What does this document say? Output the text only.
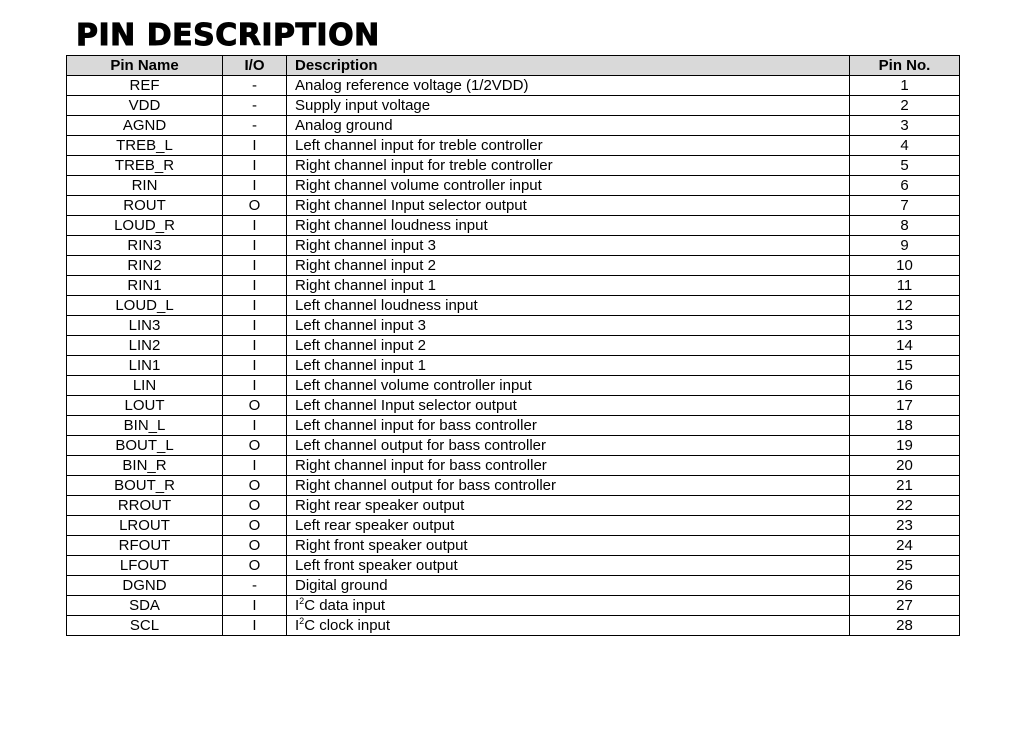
PIN DESCRIPTION
Pin Name	I/O	Description	Pin No.
REF	-	Analog reference voltage (1/2VDD)	1
VDD	-	Supply input voltage	2
AGND	-	Analog ground	3
TREB_L	I	Left channel input for treble controller	4
TREB_R	I	Right channel input for treble controller	5
RIN	I	Right channel volume controller input	6
ROUT	O	Right channel Input selector output	7
LOUD_R	I	Right channel loudness input	8
RIN3	I	Right channel input 3	9
RIN2	I	Right channel input 2	10
RIN1	I	Right channel input 1	11
LOUD_L	I	Left channel loudness input	12
LIN3	I	Left channel input 3	13
LIN2	I	Left channel input 2	14
LIN1	I	Left channel input 1	15
LIN	I	Left channel volume controller input	16
LOUT	O	Left channel Input selector output	17
BIN_L	I	Left channel input for bass controller	18
BOUT_L	O	Left channel output for bass controller	19
BIN_R	I	Right channel input for bass controller	20
BOUT_R	O	Right channel output for bass controller	21
RROUT	O	Right rear speaker output	22
LROUT	O	Left rear speaker output	23
RFOUT	O	Right front speaker output	24
LFOUT	O	Left front speaker output	25
DGND	-	Digital ground	26
SDA	I	$I^2C$ data input	27
SCL	I	$I^2C$ clock input	28
